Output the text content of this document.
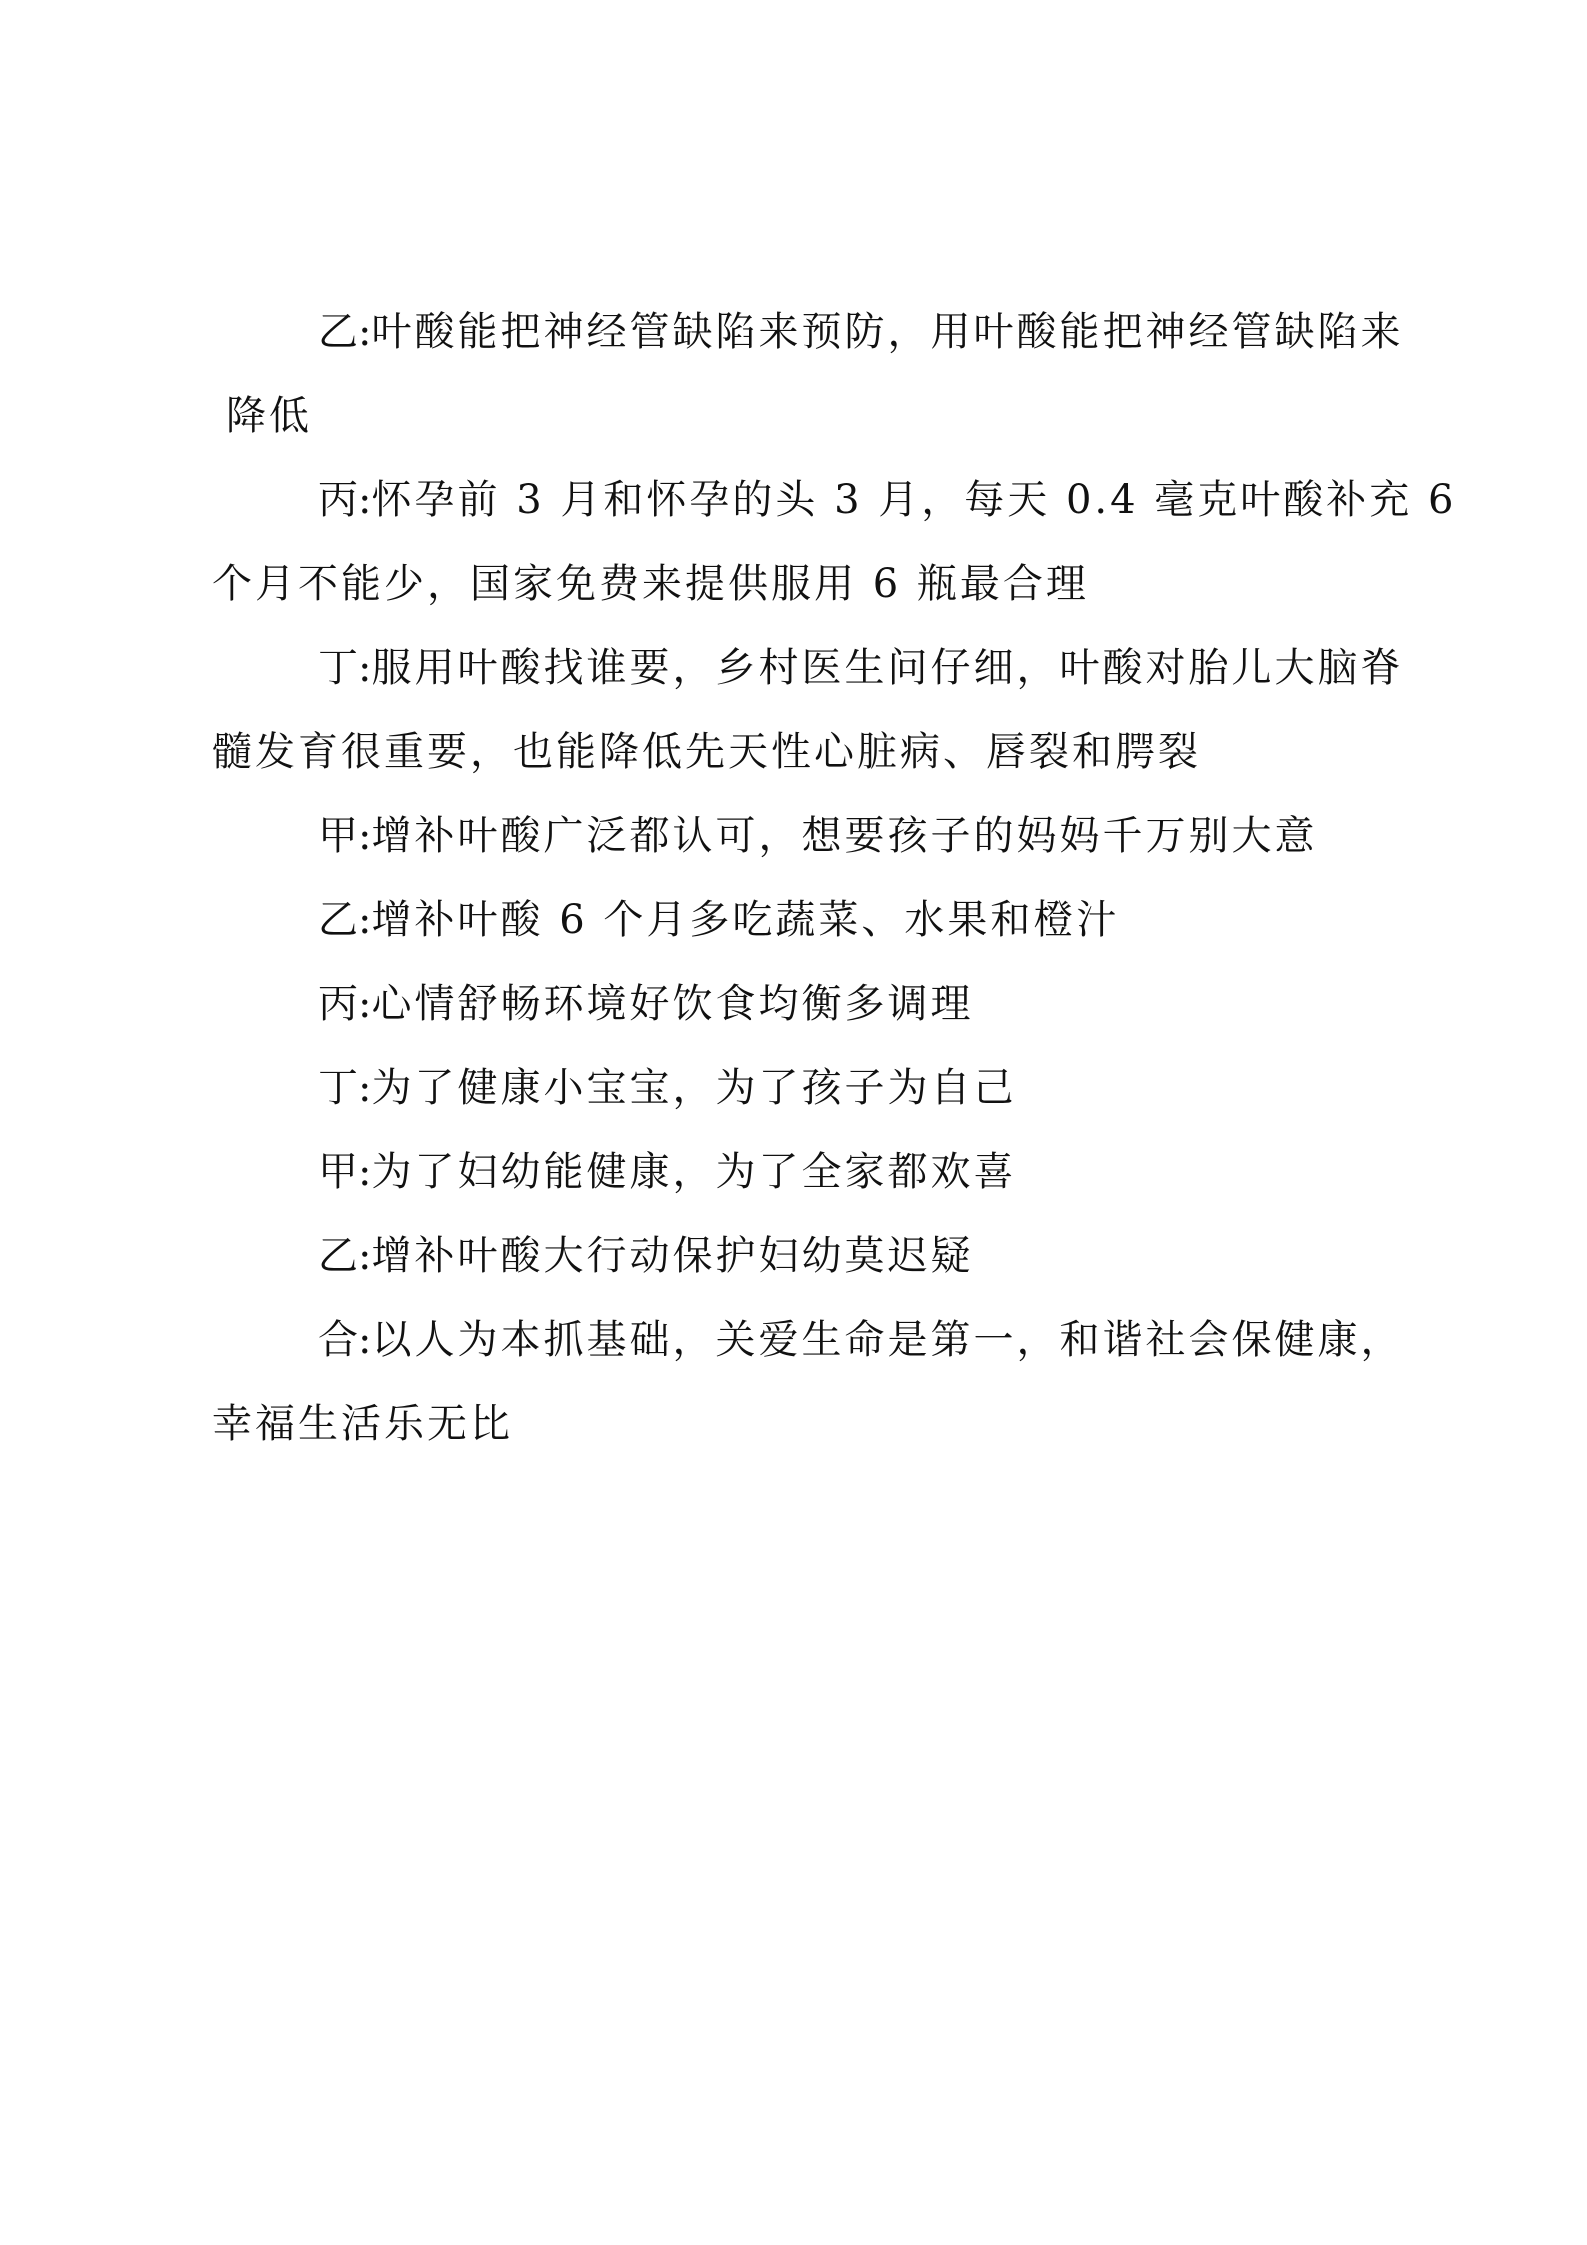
乙:叶酸能把神经管缺陷来预防，用叶酸能把神经管缺陷来
降低
丙:怀孕前 3 月和怀孕的头 3 月，每天 0.4 毫克叶酸补充 6
个月不能少，国家免费来提供服用 6 瓶最合理
丁:服用叶酸找谁要，乡村医生问仔细，叶酸对胎儿大脑脊
髓发育很重要，也能降低先天性心脏病、唇裂和腭裂
甲:增补叶酸广泛都认可，想要孩子的妈妈千万别大意
乙:增补叶酸 6 个月多吃蔬菜、水果和橙汁
丙:心情舒畅环境好饮食均衡多调理
丁:为了健康小宝宝，为了孩子为自己
甲:为了妇幼能健康，为了全家都欢喜
乙:增补叶酸大行动保护妇幼莫迟疑
合:以人为本抓基础，关爱生命是第一，和谐社会保健康，
幸福生活乐无比
